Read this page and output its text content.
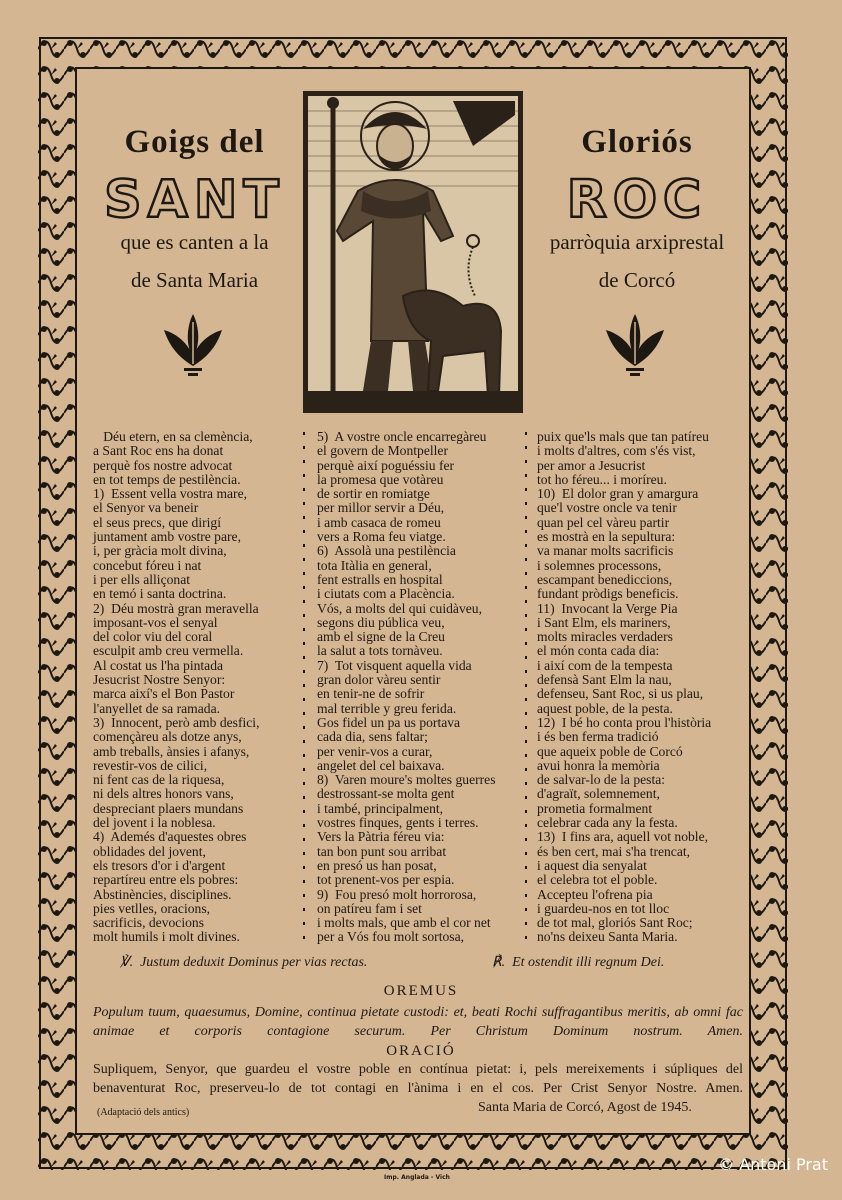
Goigs del
SANT
que es canten a la
de Santa Maria
Gloriós
ROC
parròquia arxiprestal
de Corcó
Déu etern, en sa clemència,
a Sant Roc ens ha donat
perquè fos nostre advocat
en tot temps de pestilència.
1)  Essent vella vostra mare,
el Senyor va beneir
el seus precs, que dirigí
juntament amb vostre pare,
i, per gràcia molt divina,
concebut fóreu i nat
i per ells alliçonat
en temó i santa doctrina.
2)  Déu mostrà gran meravella
imposant-vos el senyal
del color viu del coral
esculpit amb creu vermella.
Al costat us l'ha pintada
Jesucrist Nostre Senyor:
marca així's el Bon Pastor
l'anyellet de sa ramada.
3)  Innocent, però amb desfici,
començàreu als dotze anys,
amb treballs, ànsies i afanys,
revestir-vos de cilici,
ni fent cas de la riquesa,
ni dels altres honors vans,
despreciant plaers mundans
del jovent i la noblesa.
4)  Ademés d'aquestes obres
oblidades del jovent,
els tresors d'or i d'argent
repartíreu entre els pobres:
Abstinències, disciplines.
pies vetlles, oracions,
sacrificis, devocions
molt humils i molt divines.
5)  A vostre oncle encarregàreu
el govern de Montpeller
perquè així poguéssiu fer
la promesa que votàreu
de sortir en romiatge
per millor servir a Déu,
i amb casaca de romeu
vers a Roma feu viatge.
6)  Assolà una pestilència
tota Itàlia en general,
fent estralls en hospital
i ciutats com a Placència.
Vós, a molts del qui cuidàveu,
segons diu pública veu,
amb el signe de la Creu
la salut a tots tornàveu.
7)  Tot visquent aquella vida
gran dolor vàreu sentir
en tenir-ne de sofrir
mal terrible y greu ferida.
Gos fidel un pa us portava
cada dia, sens faltar;
per venir-vos a curar,
angelet del cel baixava.
8)  Varen moure's moltes guerres
destrossant-se molta gent
i també, principalment,
vostres finques, gents i terres.
Vers la Pàtria féreu via:
tan bon punt sou arribat
en presó us han posat,
tot prenent-vos per espia.
9)  Fou presó molt horrorosa,
on patíreu fam i set
i molts mals, que amb el cor net
per a Vós fou molt sortosa,
puix que'ls mals que tan patíreu
i molts d'altres, com s'és vist,
per amor a Jesucrist
tot ho féreu... i moríreu.
10)  El dolor gran y amargura
que'l vostre oncle va tenir
quan pel cel vàreu partir
es mostrà en la sepultura:
va manar molts sacrificis
i solemnes processons,
escampant benediccions,
fundant pròdigs beneficis.
11)  Invocant la Verge Pia
i Sant Elm, els mariners,
molts miracles verdaders
el món conta cada dia:
i així com de la tempesta
defensà Sant Elm la nau,
defenseu, Sant Roc, si us plau,
aquest poble, de la pesta.
12)  I bé ho conta prou l'història
i és ben ferma tradició
que aqueix poble de Corcó
avui honra la memòria
de salvar-lo de la pesta:
d'agraït, solemnement,
prometia formalment
celebrar cada any la festa.
13)  I fins ara, aquell vot noble,
és ben cert, mai s'ha trencat,
i aquest dia senyalat
el celebra tot el poble.
Accepteu l'ofrena pia
i guardeu-nos en tot lloc
de tot mal, gloriós Sant Roc;
no'ns deixeu Santa Maria.
℣. Justum deduxit Dominus per vias rectas.	℟. Et ostendit illi regnum Dei.
OREMUS
Populum tuum, quaesumus, Domine, continua pietate custodi: et, beati Rochi suffragantibus meritis, ab omni fac animae et corporis contagione securum. Per Christum Dominum nostrum. Amen.
ORACIÓ
Supliquem, Senyor, que guardeu el vostre poble en contínua pietat: i, pels mereixements i súpliques del benaventurat Roc, preserveu-lo de tot contagi en l'ànima i en el cos. Per Crist Senyor Nostre. Amen.
(Adaptació dels antics)	Santa Maria de Corcó, Agost de 1945.
Imp. Anglada - Vich
© Antoni Prat
